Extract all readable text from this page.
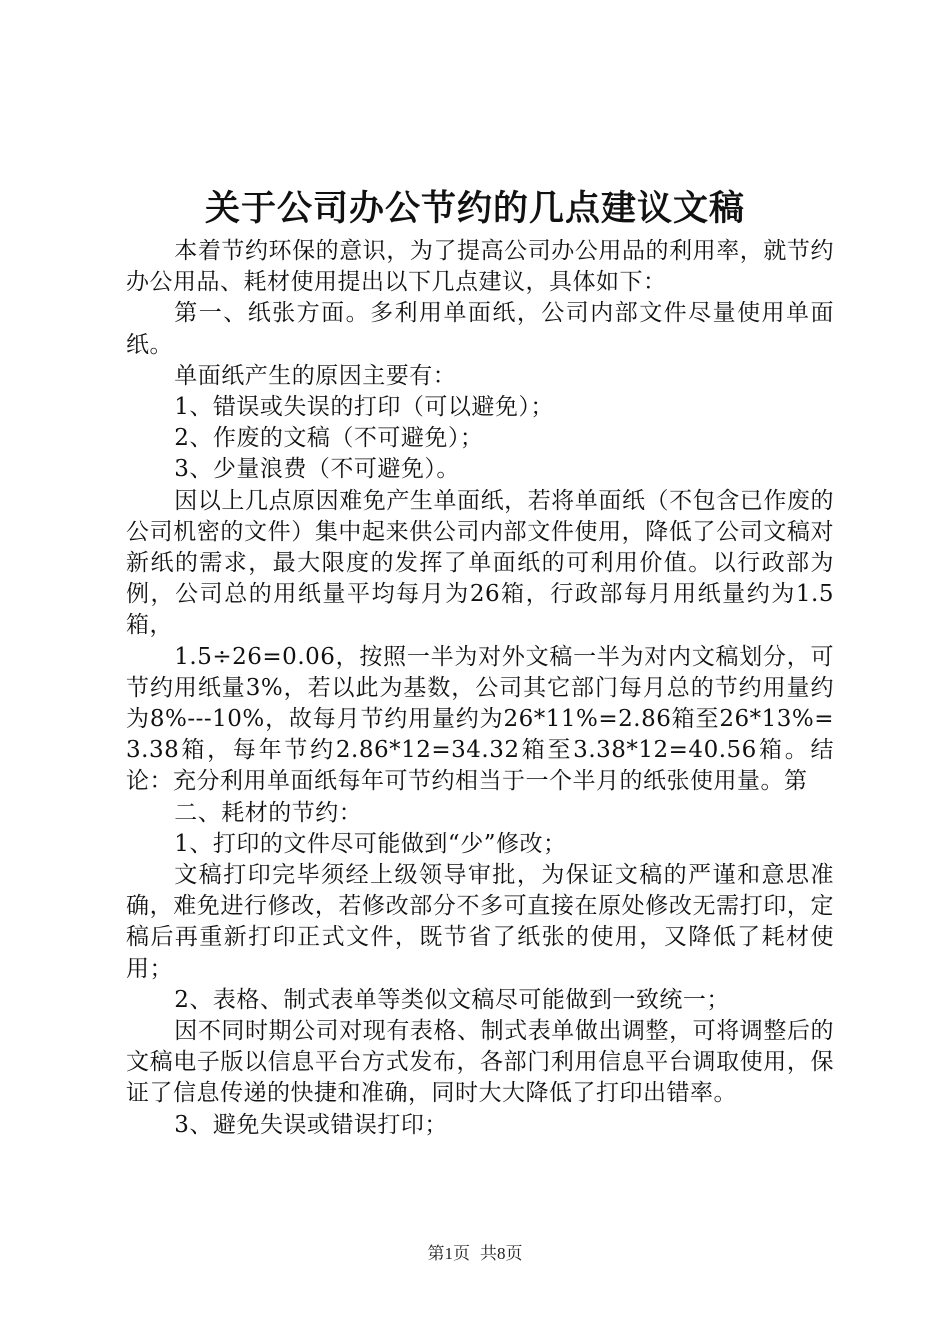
关于公司办公节约的几点建议文稿

本着节约环保的意识，为了提高公司办公用品的利用率，就节约办公用品、耗材使用提出以下几点建议，具体如下：

第一、纸张方面。多利用单面纸，公司内部文件尽量使用单面纸。

单面纸产生的原因主要有：

1、错误或失误的打印（可以避免）；

2、作废的文稿（不可避免）；

3、少量浪费（不可避免）。

因以上几点原因难免产生单面纸，若将单面纸（不包含已作废的公司机密的文件）集中起来供公司内部文件使用，降低了公司文稿对新纸的需求，最大限度的发挥了单面纸的可利用价值。以行政部为例，公司总的用纸量平均每月为26箱，行政部每月用纸量约为1.5箱，

1.5÷26=0.06，按照一半为对外文稿一半为对内文稿划分，可节约用纸量3%，若以此为基数，公司其它部门每月总的节约用量约为8%---10%，故每月节约用量约为26*11%=2.86箱至26*13%=3.38箱，每年节约2.86*12=34.32箱至3.38*12=40.56箱。结论：充分利用单面纸每年可节约相当于一个半月的纸张使用量。第

二、耗材的节约：

1、打印的文件尽可能做到“少”修改；

文稿打印完毕须经上级领导审批，为保证文稿的严谨和意思准确，难免进行修改，若修改部分不多可直接在原处修改无需打印，定稿后再重新打印正式文件，既节省了纸张的使用，又降低了耗材使用；

2、表格、制式表单等类似文稿尽可能做到一致统一；

因不同时期公司对现有表格、制式表单做出调整，可将调整后的文稿电子版以信息平台方式发布，各部门利用信息平台调取使用，保证了信息传递的快捷和准确，同时大大降低了打印出错率。

3、避免失误或错误打印；

第1页 共8页
